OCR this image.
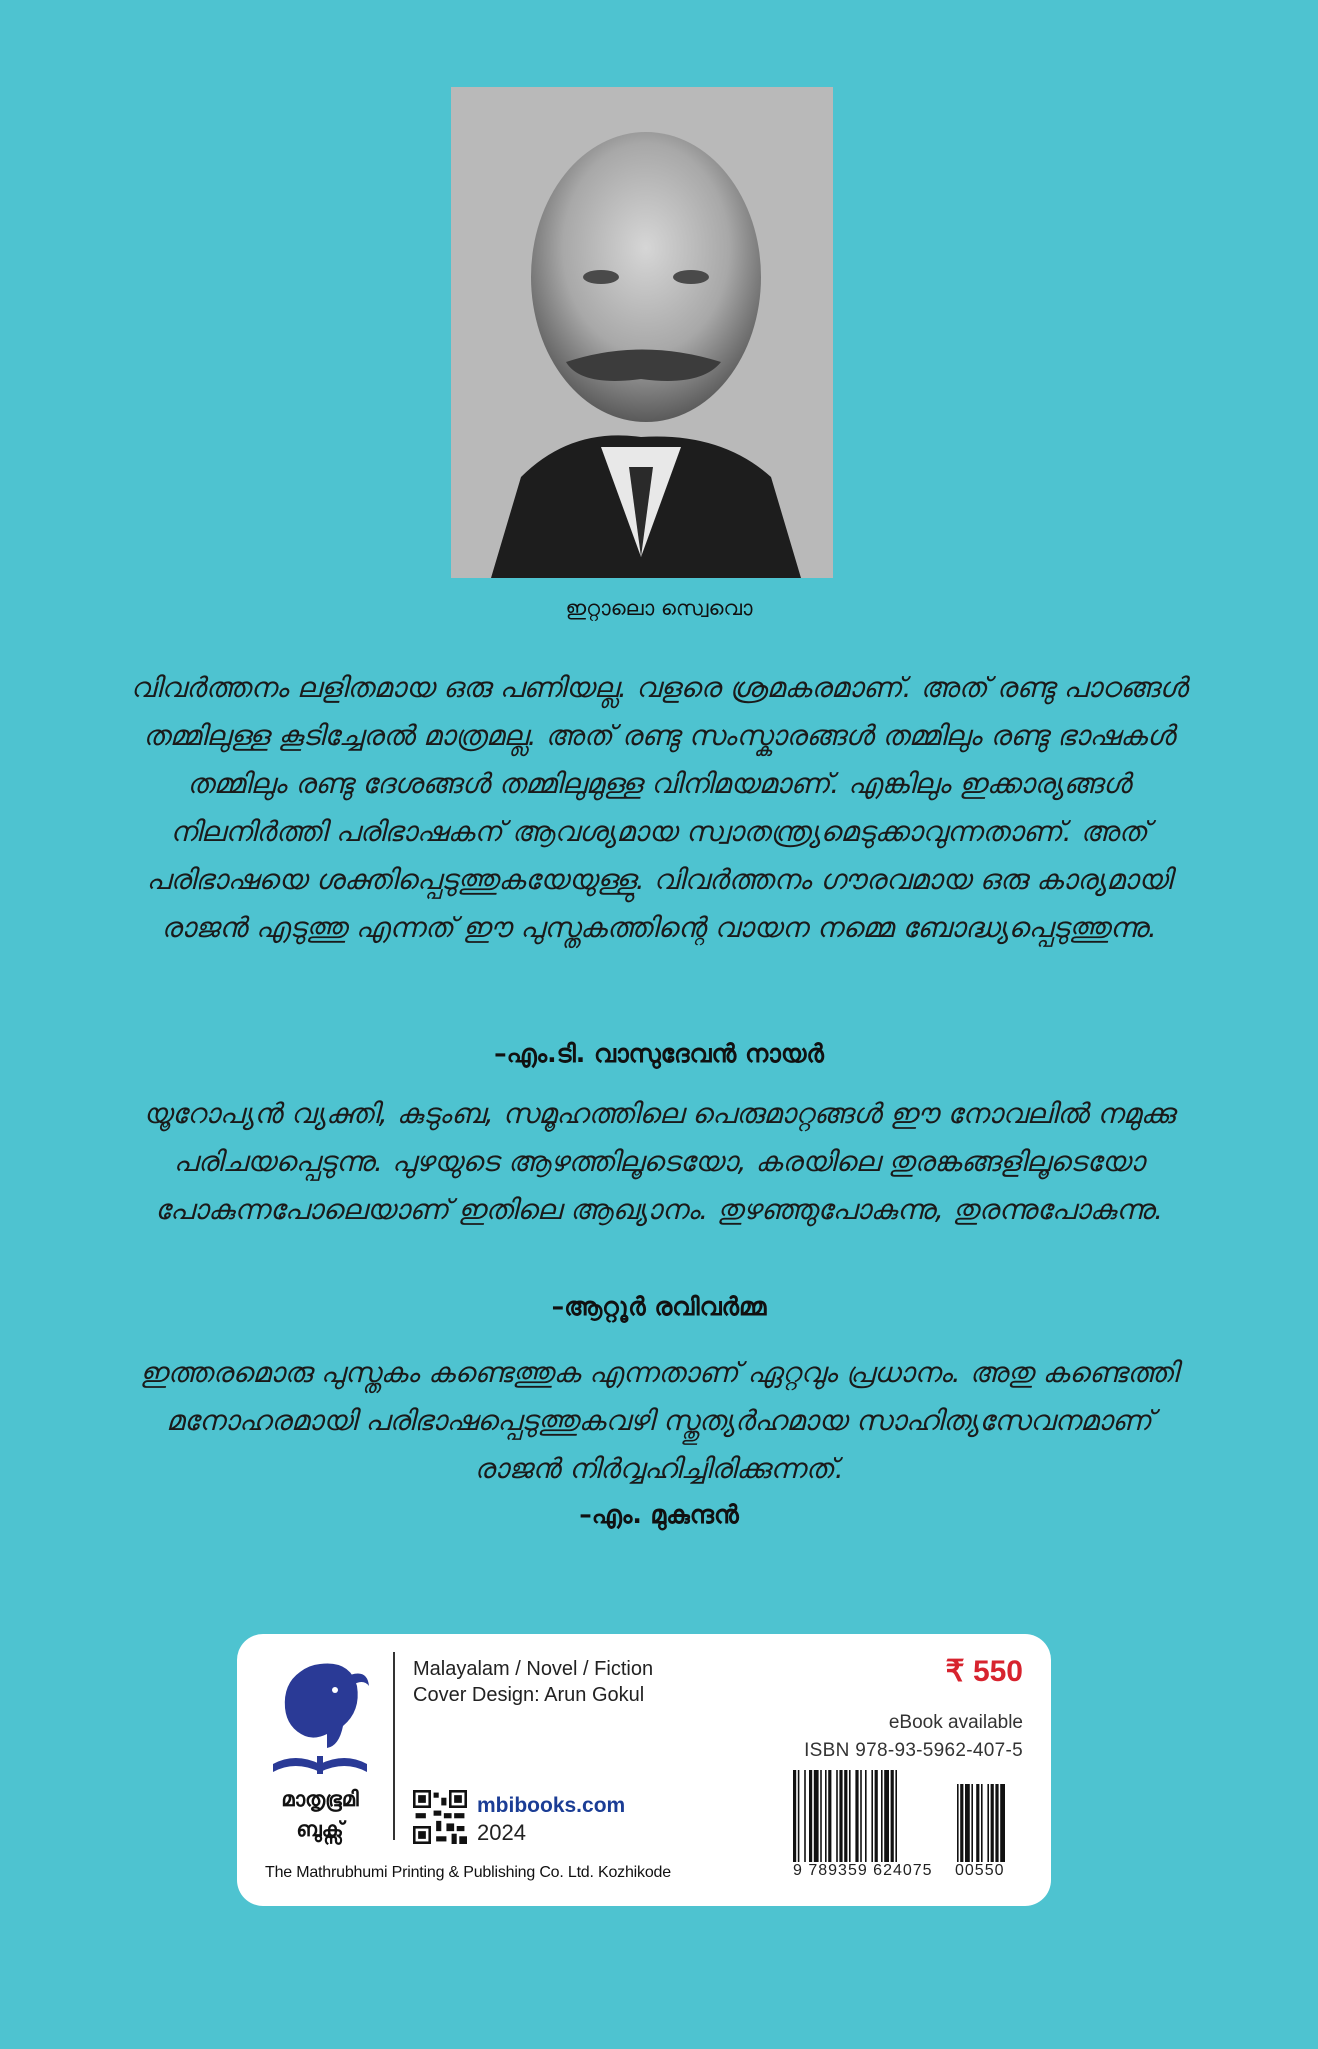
ഇറ്റാലൊ സ്വെവൊ

വിവർത്തനം ലളിതമായ ഒരു പണിയല്ല. വളരെ ശ്രമകരമാണ്. അത് രണ്ടു പാഠങ്ങൾ തമ്മിലുള്ള കൂടിച്ചേരൽ മാത്രമല്ല. അത് രണ്ടു സംസ്കാരങ്ങൾ തമ്മിലും രണ്ടു ഭാഷകൾ തമ്മിലും രണ്ടു ദേശങ്ങൾ തമ്മിലുമുള്ള വിനിമയമാണ്. എങ്കിലും ഇക്കാര്യങ്ങൾ നിലനിർത്തി പരിഭാഷകന് ആവശ്യമായ സ്വാതന്ത്ര്യമെടുക്കാവുന്നതാണ്. അത് പരിഭാഷയെ ശക്തിപ്പെടുത്തുകയേയുള്ളു. വിവർത്തനം ഗൗരവമായ ഒരു കാര്യമായി രാജൻ എടുത്തു എന്നത് ഈ പുസ്തകത്തിന്റെ വായന നമ്മെ ബോദ്ധ്യപ്പെടുത്തുന്നു.

–എം.ടി. വാസുദേവൻ നായർ

യൂറോപ്യൻ വ്യക്തി, കുടുംബ, സമൂഹത്തിലെ പെരുമാറ്റങ്ങൾ ഈ നോവലിൽ നമുക്കു പരിചയപ്പെടുന്നു. പുഴയുടെ ആഴത്തിലൂടെയോ, കരയിലെ തുരങ്കങ്ങളിലൂടെയോ പോകുന്നപോലെയാണ് ഇതിലെ ആഖ്യാനം. തുഴഞ്ഞുപോകുന്നു, തുരന്നുപോകുന്നു.

–ആറ്റൂർ രവിവർമ്മ

ഇത്തരമൊരു പുസ്തകം കണ്ടെത്തുക എന്നതാണ് ഏറ്റവും പ്രധാനം. അതു കണ്ടെത്തി മനോഹരമായി പരിഭാഷപ്പെടുത്തുകവഴി സ്തുത്യർഹമായ സാഹിത്യസേവനമാണ് രാജൻ നിർവ്വഹിച്ചിരിക്കുന്നത്.

–എം. മുകുന്ദൻ
മാതൃഭൂമി
ബുക്സ്
Malayalam / Novel / Fiction
Cover Design: Arun Gokul
mbibooks.com
2024
The Mathrubhumi Printing & Publishing Co. Ltd. Kozhikode
₹ 550
eBook available
ISBN 978-93-5962-407-5
9 789359 624075 00550
